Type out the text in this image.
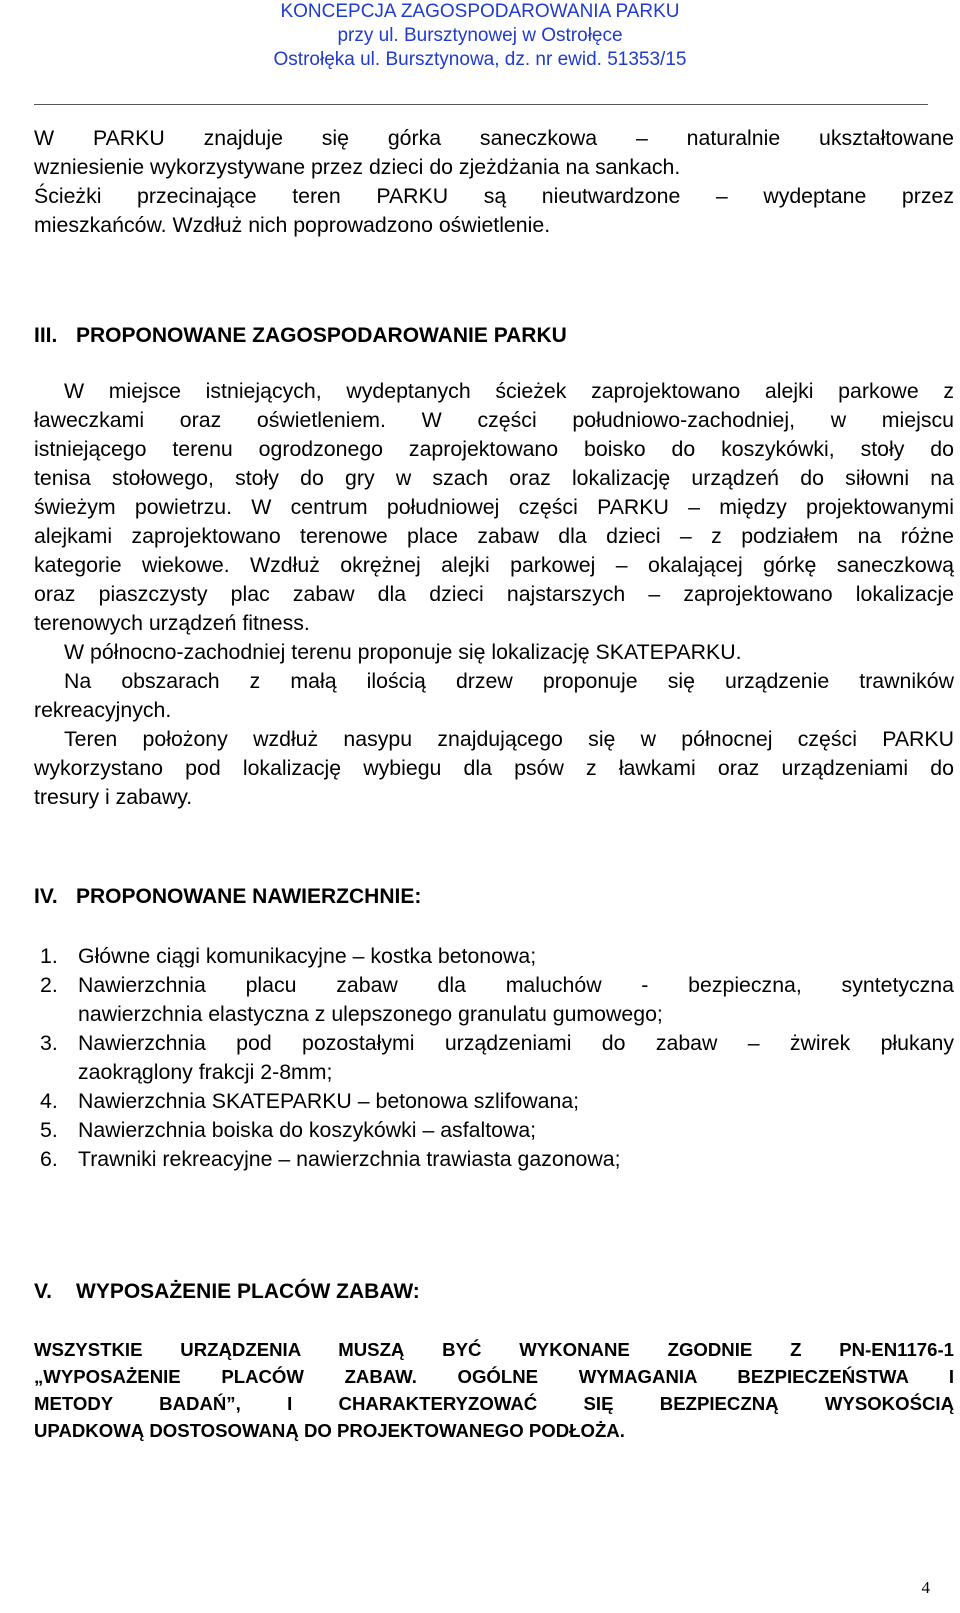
KONCEPCJA ZAGOSPODAROWANIA PARKU
przy ul. Bursztynowej w Ostrołęce
Ostrołęka ul. Bursztynowa, dz. nr ewid. 51353/15
W PARKU znajduje się górka saneczkowa – naturalnie ukształtowane
wzniesienie wykorzystywane przez dzieci do zjeżdżania na sankach.
Ścieżki przecinające teren PARKU są nieutwardzone – wydeptane przez
mieszkańców. Wzdłuż nich poprowadzono oświetlenie.
III. PROPONOWANE ZAGOSPODAROWANIE PARKU
W miejsce istniejących, wydeptanych ścieżek zaprojektowano alejki parkowe z
ławeczkami oraz oświetleniem. W części południowo-zachodniej, w miejscu
istniejącego terenu ogrodzonego zaprojektowano boisko do koszykówki, stoły do
tenisa stołowego, stoły do gry w szach oraz lokalizację urządzeń do siłowni na
świeżym powietrzu. W centrum południowej części PARKU – między projektowanymi
alejkami zaprojektowano terenowe place zabaw dla dzieci – z podziałem na różne
kategorie wiekowe. Wzdłuż okrężnej alejki parkowej – okalającej górkę saneczkową
oraz piaszczysty plac zabaw dla dzieci najstarszych – zaprojektowano lokalizacje
terenowych urządzeń fitness.
W północno-zachodniej terenu proponuje się lokalizację SKATEPARKU.
Na obszarach z małą ilością drzew proponuje się urządzenie trawników
rekreacyjnych.
Teren położony wzdłuż nasypu znajdującego się w północnej części PARKU
wykorzystano pod lokalizację wybiegu dla psów z ławkami oraz urządzeniami do
tresury i zabawy.
IV. PROPONOWANE NAWIERZCHNIE:
1. Główne ciągi komunikacyjne – kostka betonowa;
2. Nawierzchnia placu zabaw dla maluchów - bezpieczna, syntetyczna
nawierzchnia elastyczna z ulepszonego granulatu gumowego;
3. Nawierzchnia pod pozostałymi urządzeniami do zabaw – żwirek płukany
zaokrąglony frakcji 2-8mm;
4. Nawierzchnia SKATEPARKU – betonowa szlifowana;
5. Nawierzchnia boiska do koszykówki – asfaltowa;
6. Trawniki rekreacyjne – nawierzchnia trawiasta gazonowa;
V. WYPOSAŻENIE PLACÓW ZABAW:
WSZYSTKIE URZĄDZENIA MUSZĄ BYĆ WYKONANE ZGODNIE Z PN-EN1176-1
„WYPOSAŻENIE PLACÓW ZABAW. OGÓLNE WYMAGANIA BEZPIECZEŃSTWA I
METODY BADAŃ”, I CHARAKTERYZOWAĆ SIĘ BEZPIECZNĄ WYSOKOŚCIĄ
UPADKOWĄ DOSTOSOWANĄ DO PROJEKTOWANEGO PODŁOŻA.
4
